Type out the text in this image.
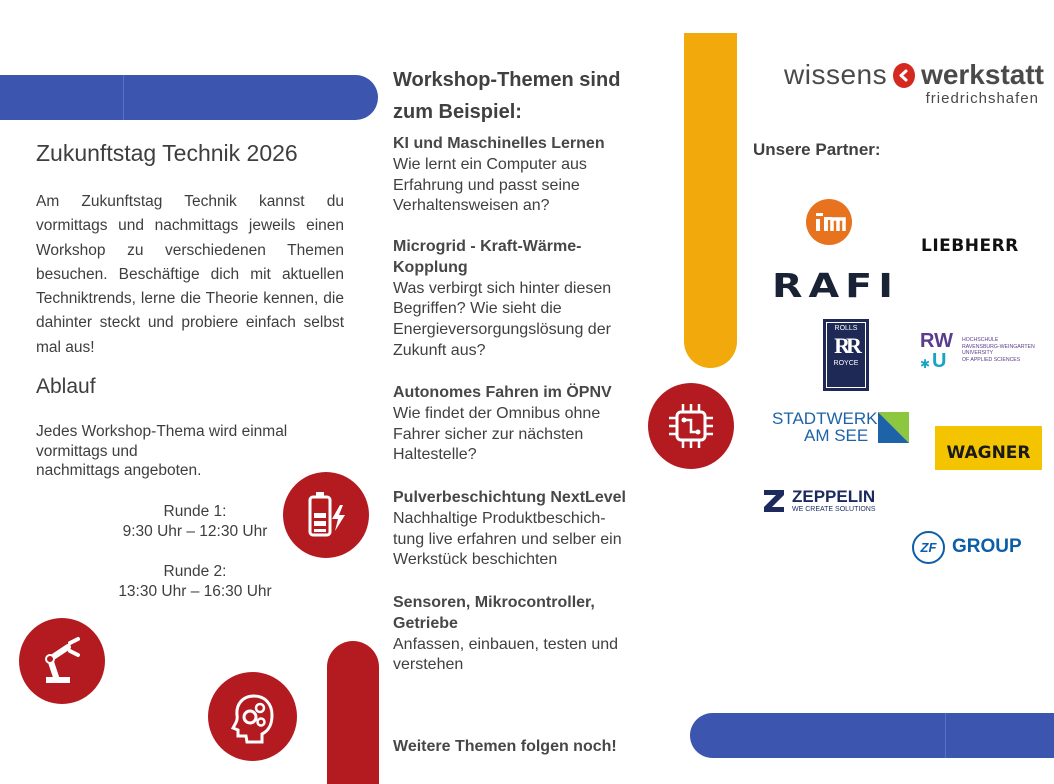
Zukunftstag Technik 2026

Am Zukunftstag Technik kannst du vormittags und nachmittags jeweils einen Workshop zu verschiedenen Themen besuchen. Beschäftige dich mit aktuellen Techniktrends, lerne die Theorie kennen, die dahinter steckt und probiere einfach selbst mal aus!

Ablauf
Jedes Workshop-Thema wird einmal
vormittags und
nachmittags angeboten.
Runde 1:
9:30 Uhr – 12:30 Uhr
Runde 2:
13:30 Uhr – 16:30 Uhr
Workshop-Themen sind
zum Beispiel:
KI und Maschinelles Lernen
Wie lernt ein Computer aus
Erfahrung und passt seine
Verhaltensweisen an?
Microgrid - Kraft-Wärme-
Kopplung
Was verbirgt sich hinter diesen
Begriffen? Wie sieht die
Energieversorgungslösung der
Zukunft aus?
Autonomes Fahren im ÖPNV
Wie findet der Omnibus ohne
Fahrer sicher zur nächsten
Haltestelle?
Pulverbeschichtung NextLevel
Nachhaltige Produktbeschich-
tung live erfahren und selber ein
Werkstück beschichten
Sensoren, Mikrocontroller,
Getriebe
Anfassen, einbauen, testen und
verstehen

Weitere Themen folgen noch!

wissens werkstatt
friedrichshafen
Unsere Partner:
LIEBHERR
RAFI
ROLLS
RR
ROYCE
RW
U
✱
HOCHSCHULE
RAVENSBURG-WEINGARTEN
UNIVERSITY
OF APPLIED SCIENCES
STADTWERK
AM SEE
WAGNER
ZEPPELIN
WE CREATE SOLUTIONS
ZF GROUP
